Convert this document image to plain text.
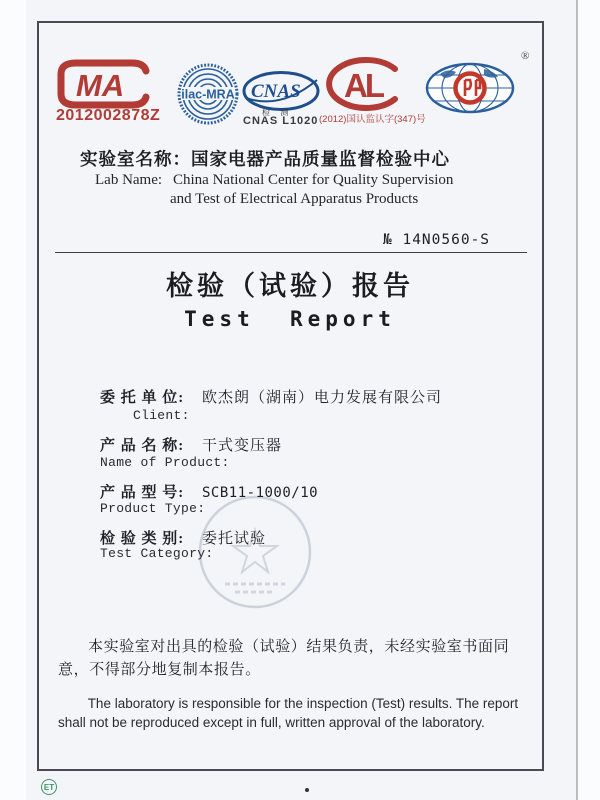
MA
2012002878Z
ilac-MRA CNAS
检 测
CNAS L1020
AL
(2012)国认监认字(347)号
®
实验室名称：国家电器产品质量监督检验中心
Lab Name: China National Center for Quality Supervision
and Test of Electrical Apparatus Products
№ 14N0560-S
检验（试验）报告
Test  Report
委 托 单 位: 欧杰朗（湖南）电力发展有限公司
Client:
产 品 名 称: 干式变压器
Name of Product:
产 品 型 号: SCB11-1000/10
Product Type:
检 验 类 别: 委托试验
Test Category:
本实验室对出具的检验（试验）结果负责，未经实验室书面同意，不得部分地复制本报告。
The laboratory is responsible for the inspection (Test) results. The report shall not be reproduced except in full, written approval of the laboratory.
ET
